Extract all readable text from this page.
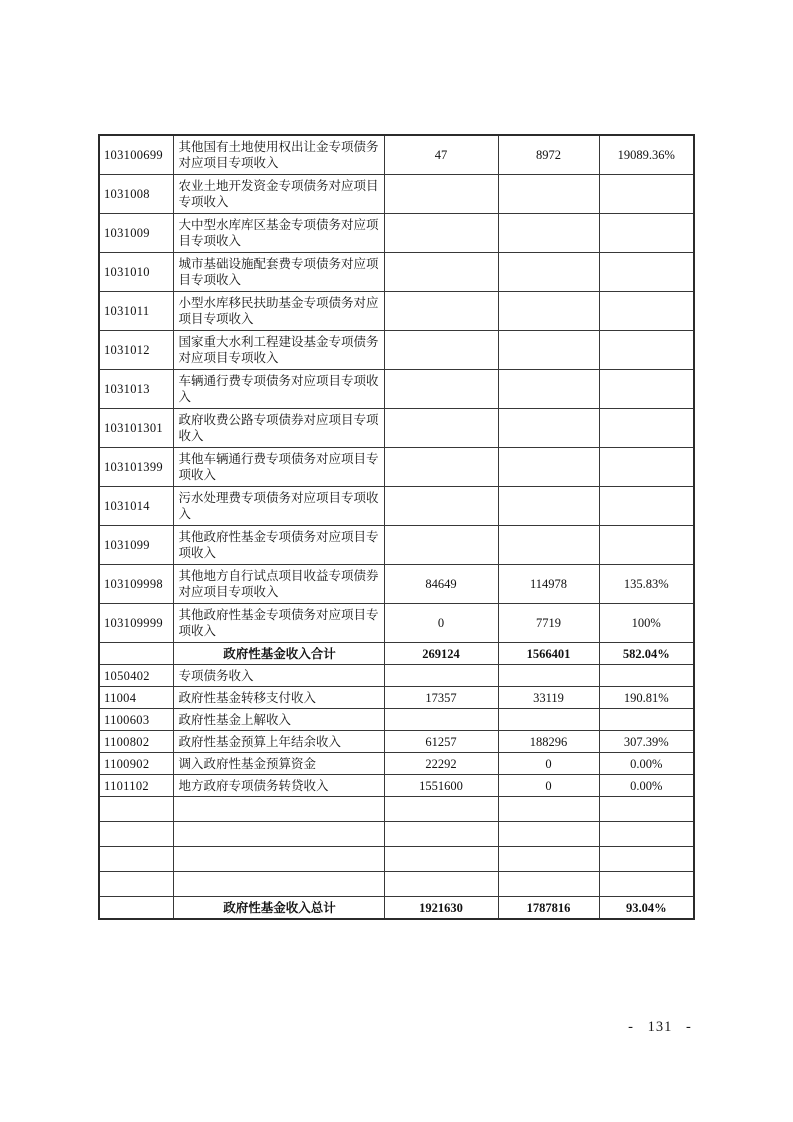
103100699	其他国有土地使用权出让金专项债务对应项目专项收入	47	8972	19089.36%
1031008	农业土地开发资金专项债务对应项目专项收入			
1031009	大中型水库库区基金专项债务对应项目专项收入			
1031010	城市基础设施配套费专项债务对应项目专项收入			
1031011	小型水库移民扶助基金专项债务对应项目专项收入			
1031012	国家重大水利工程建设基金专项债务对应项目专项收入			
1031013	车辆通行费专项债务对应项目专项收入			
103101301	政府收费公路专项债券对应项目专项收入			
103101399	其他车辆通行费专项债务对应项目专项收入			
1031014	污水处理费专项债务对应项目专项收入			
1031099	其他政府性基金专项债务对应项目专项收入			
103109998	其他地方自行试点项目收益专项债券对应项目专项收入	84649	114978	135.83%
103109999	其他政府性基金专项债务对应项目专项收入	0	7719	100%
	政府性基金收入合计	269124	1566401	582.04%
1050402	专项债务收入			
11004	政府性基金转移支付收入	17357	33119	190.81%
1100603	政府性基金上解收入			
1100802	政府性基金预算上年结余收入	61257	188296	307.39%
1100902	调入政府性基金预算资金	22292	0	0.00%
1101102	地方政府专项债务转贷收入	1551600	0	0.00%

	政府性基金收入总计	1921630	1787816	93.04%
- 131 -
